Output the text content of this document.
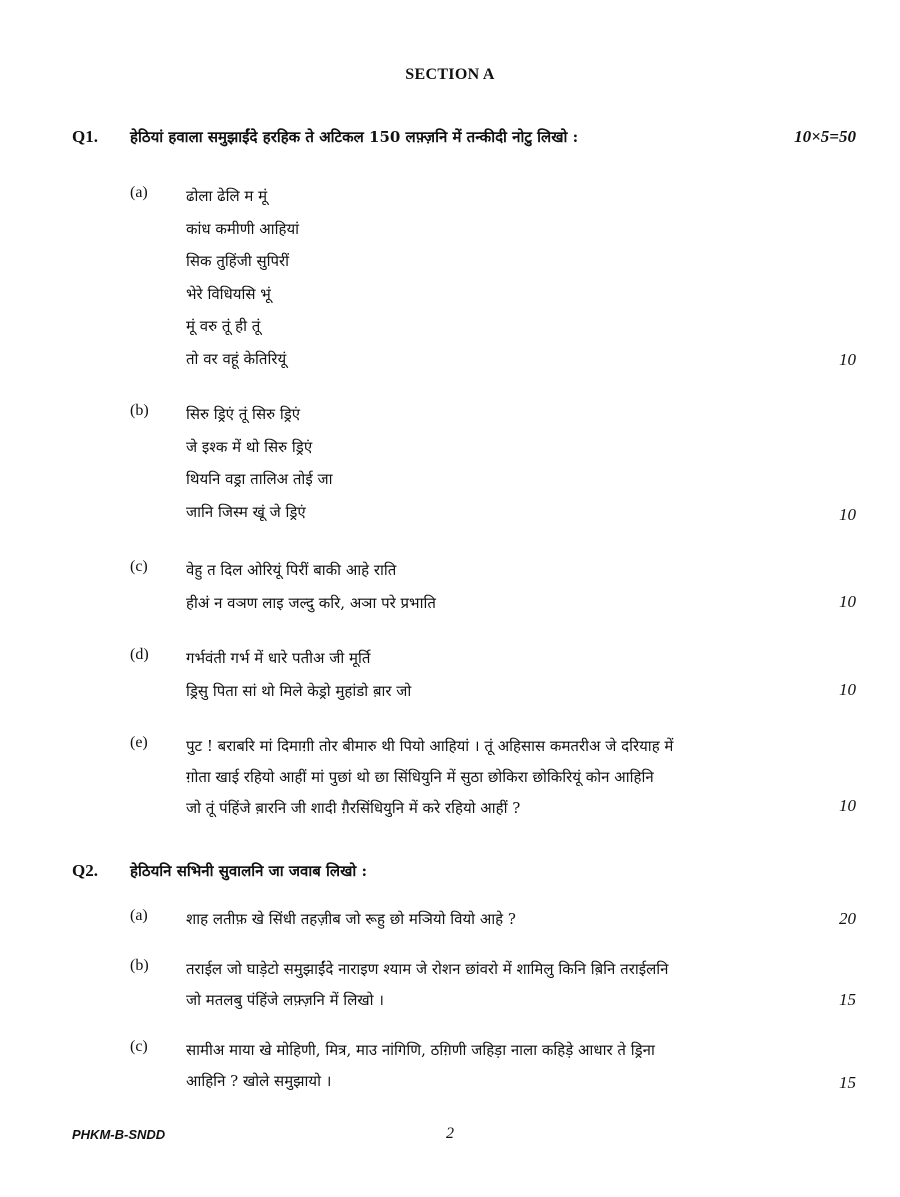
SECTION A
Q1. हेठियां हवाला समुझाईंदे हरहिक ते अटिकल 150 लफ़्ज़नि में तन्कीदी नोटु लिखो :	10×5=50
(a)	ढोला ढेलि म मूं
कांध कमीणी आहियां
सिक तुहिंजी सुपिरीं
भेरे विधियसि भूं
मूं वरु तूं ही तूं
तो वर वहूं केतिरियूं	10
(b) सिरु ड्रिएं तूं सिरु ड्रिएं
जे इश्क में थो सिरु ड्रिएं
थियनि वड्रा तालिअ तोई जा
जानि जिस्म खूं जे ड्रिएं	10
(c)	वेहु त दिल ओरियूं पिरीं बाकी आहे राति
हीअं न वञण लाइ जल्दु करि, अञा परे प्रभाति	10
(d) गर्भवंती गर्भ में धारे पतीअ जी मूर्ति
ड्रिसु पिता सां थो मिले केड्रो मुहांडो ब़ार जो	10
(e)	पुट ! बराबरि मां दिमाग़ी तोर बीमारु थी पियो आहियां । तूं अहिसास कमतरीअ जे दरियाह में
ग़ोता खाई रहियो आहीं मां पुछां थो छा सिंधियुनि में सुठा छोकिरा छोकिरियूं कोन आहिनि
जो तूं पंहिंजे ब़ारनि जी शादी ग़ैरसिंधियुनि में करे रहियो आहीं ?	10
Q2. हेठियनि सभिनी सुवालनि जा जवाब लिखो :
(a)	शाह लतीफ़ खे सिंधी तहज़ीब जो रूहु छो मञियो वियो आहे ?	20
(b) तराईल जो घाड़ेटो समुझाईंदे नाराइण श्याम जे रोशन छांवरो में शामिलु किनि ब़िनि तराईलनि
जो मतलबु पंहिंजे लफ़्ज़नि में लिखो ।	15
(c)	सामीअ माया खे मोहिणी, मित्र, माउ नांगिणि, ठग़िणी जहिड़ा नाला कहिड़े आधार ते ड्रिना
आहिनि ? खोले समुझायो ।	15
PHKM-B-SNDD	2
